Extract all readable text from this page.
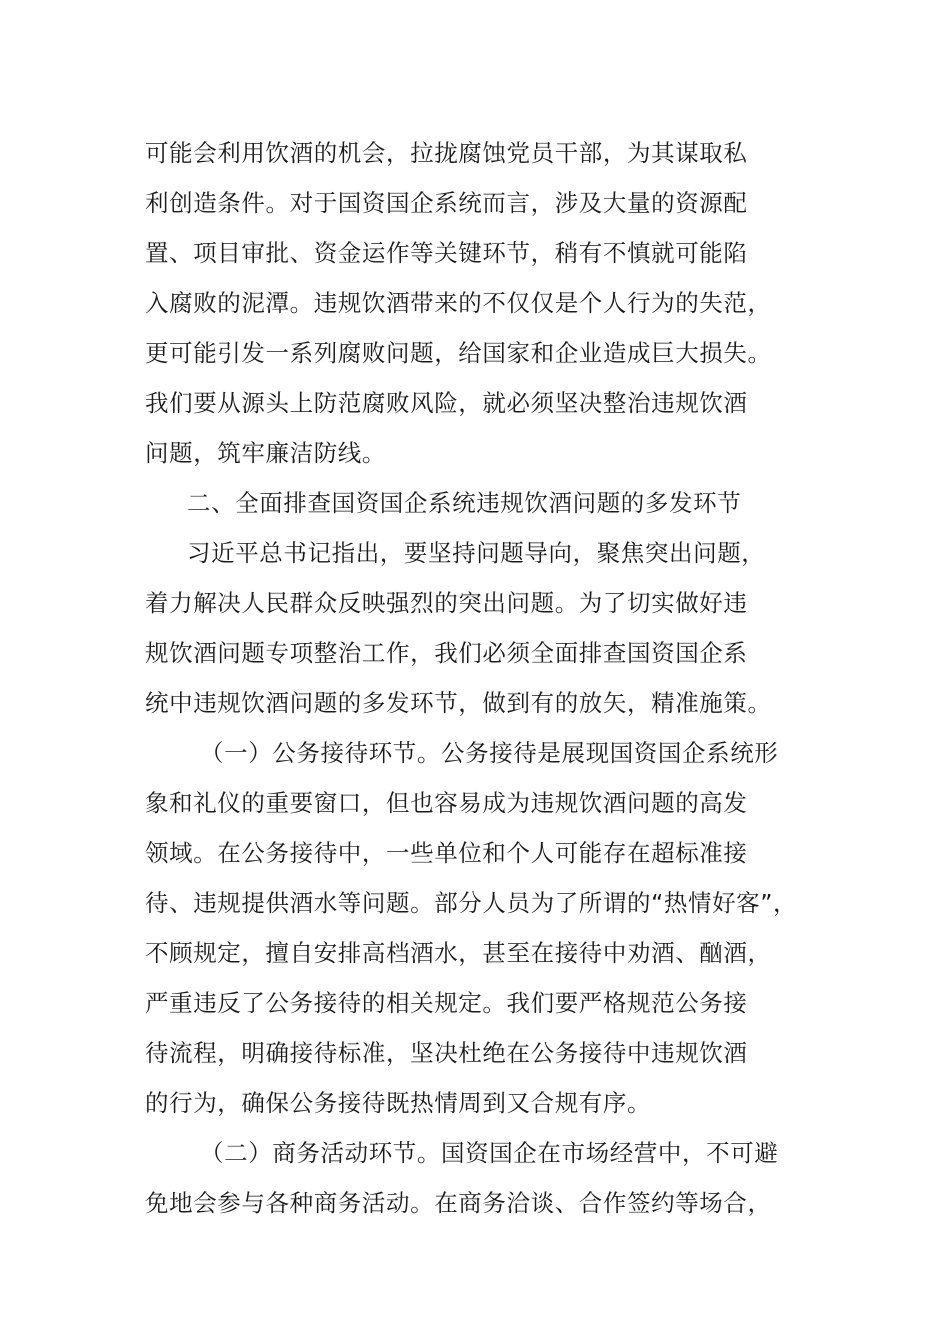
可能会利用饮酒的机会，拉拢腐蚀党员干部，为其谋取私
利创造条件。对于国资国企系统而言，涉及大量的资源配
置、项目审批、资金运作等关键环节，稍有不慎就可能陷
入腐败的泥潭。违规饮酒带来的不仅仅是个人行为的失范，
更可能引发一系列腐败问题，给国家和企业造成巨大损失。
我们要从源头上防范腐败风险，就必须坚决整治违规饮酒
问题，筑牢廉洁防线。
二、全面排查国资国企系统违规饮酒问题的多发环节
习近平总书记指出，要坚持问题导向，聚焦突出问题，
着力解决人民群众反映强烈的突出问题。为了切实做好违
规饮酒问题专项整治工作，我们必须全面排查国资国企系
统中违规饮酒问题的多发环节，做到有的放矢，精准施策。
（一）公务接待环节。公务接待是展现国资国企系统形
象和礼仪的重要窗口，但也容易成为违规饮酒问题的高发
领域。在公务接待中，一些单位和个人可能存在超标准接
待、违规提供酒水等问题。部分人员为了所谓的“热情好客”，
不顾规定，擅自安排高档酒水，甚至在接待中劝酒、酗酒，
严重违反了公务接待的相关规定。我们要严格规范公务接
待流程，明确接待标准，坚决杜绝在公务接待中违规饮酒
的行为，确保公务接待既热情周到又合规有序。
（二）商务活动环节。国资国企在市场经营中，不可避
免地会参与各种商务活动。在商务洽谈、合作签约等场合，
